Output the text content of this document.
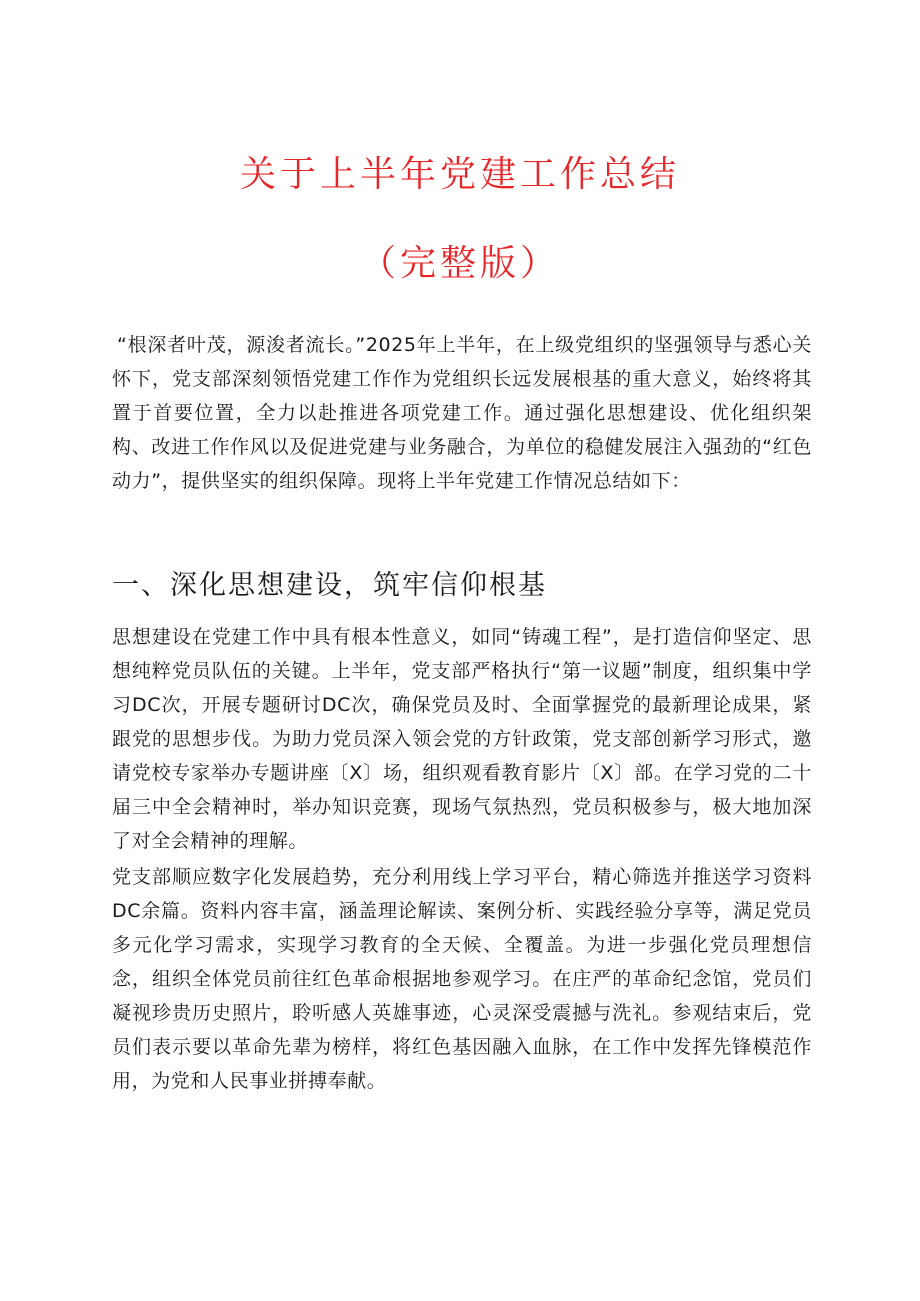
关于上半年党建工作总结
（完整版）

“根深者叶茂，源浚者流长。”2025年上半年，在上级党组织的坚强领导与悉心关怀下，党支部深刻领悟党建工作作为党组织长远发展根基的重大意义，始终将其置于首要位置，全力以赴推进各项党建工作。通过强化思想建设、优化组织架构、改进工作作风以及促进党建与业务融合，为单位的稳健发展注入强劲的“红色动力”，提供坚实的组织保障。现将上半年党建工作情况总结如下：

一、深化思想建设，筑牢信仰根基

思想建设在党建工作中具有根本性意义，如同“铸魂工程”，是打造信仰坚定、思想纯粹党员队伍的关键。上半年，党支部严格执行“第一议题”制度，组织集中学习DC次，开展专题研讨DC次，确保党员及时、全面掌握党的最新理论成果，紧跟党的思想步伐。为助力党员深入领会党的方针政策，党支部创新学习形式，邀请党校专家举办专题讲座〔X〕场，组织观看教育影片〔X〕部。在学习党的二十届三中全会精神时，举办知识竞赛，现场气氛热烈，党员积极参与，极大地加深了对全会精神的理解。

党支部顺应数字化发展趋势，充分利用线上学习平台，精心筛选并推送学习资料DC余篇。资料内容丰富，涵盖理论解读、案例分析、实践经验分享等，满足党员多元化学习需求，实现学习教育的全天候、全覆盖。为进一步强化党员理想信念，组织全体党员前往红色革命根据地参观学习。在庄严的革命纪念馆，党员们凝视珍贵历史照片，聆听感人英雄事迹，心灵深受震撼与洗礼。参观结束后，党员们表示要以革命先辈为榜样，将红色基因融入血脉，在工作中发挥先锋模范作用，为党和人民事业拼搏奉献。
